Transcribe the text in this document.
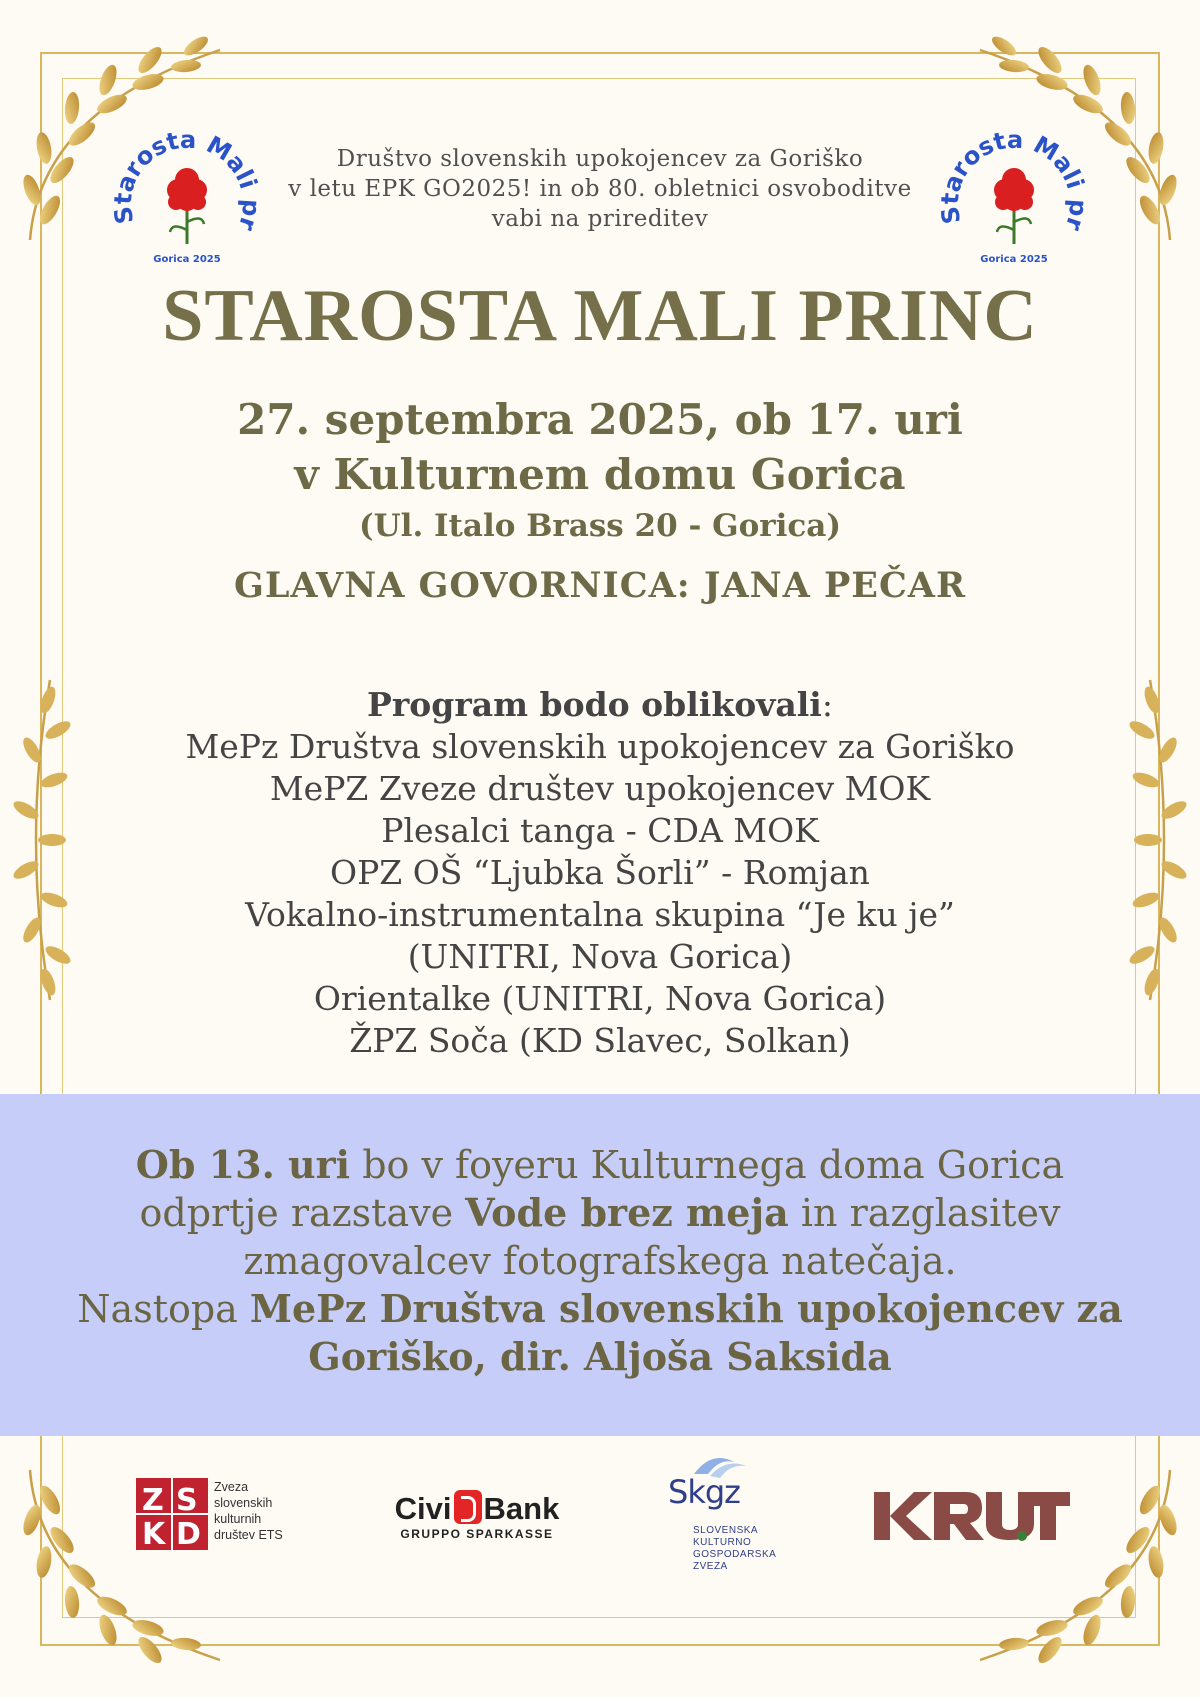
arosta Mali r
Gorica 2025
arosta Mali r
Gorica 2025
Društvo slovenskih upokojencev za Goriško
v letu EPK GO2025! in ob 80. obletnici osvoboditve
vabi na prireditev
STAROSTA MALI PRINC
27. septembra 2025, ob 17. uri
v Kulturnem domu Gorica
(Ul. Italo Brass 20 - Gorica)
GLAVNA GOVORNICA: JANA PEČAR
Program bodo oblikovali:
MePz Društva slovenskih upokojencev za Goriško
MePZ Zveze društev upokojencev MOK
Plesalci tanga - CDA MOK
OPZ OŠ “Ljubka Šorli” - Romjan
Vokalno-instrumentalna skupina “Je ku je”
(UNITRI, Nova Gorica)
Orientalke (UNITRI, Nova Gorica)
ŽPZ Soča (KD Slavec, Solkan)
Ob 13. uri bo v foyeru Kulturnega doma Gorica
odprtje razstave Vode brez meja in razglasitev
zmagovalcev fotografskega natečaja.
Nastopa MePz Društva slovenskih upokojencev za
Goriško, dir. Aljoša Saksida
Z S
K D
Zveza
slovenskih
kulturnih
društev ETS
Civi Bank
GRUPPO SPARKASSE
Skgz
SLOVENSKA
KULTURNO
GOSPODARSKA
ZVEZA
